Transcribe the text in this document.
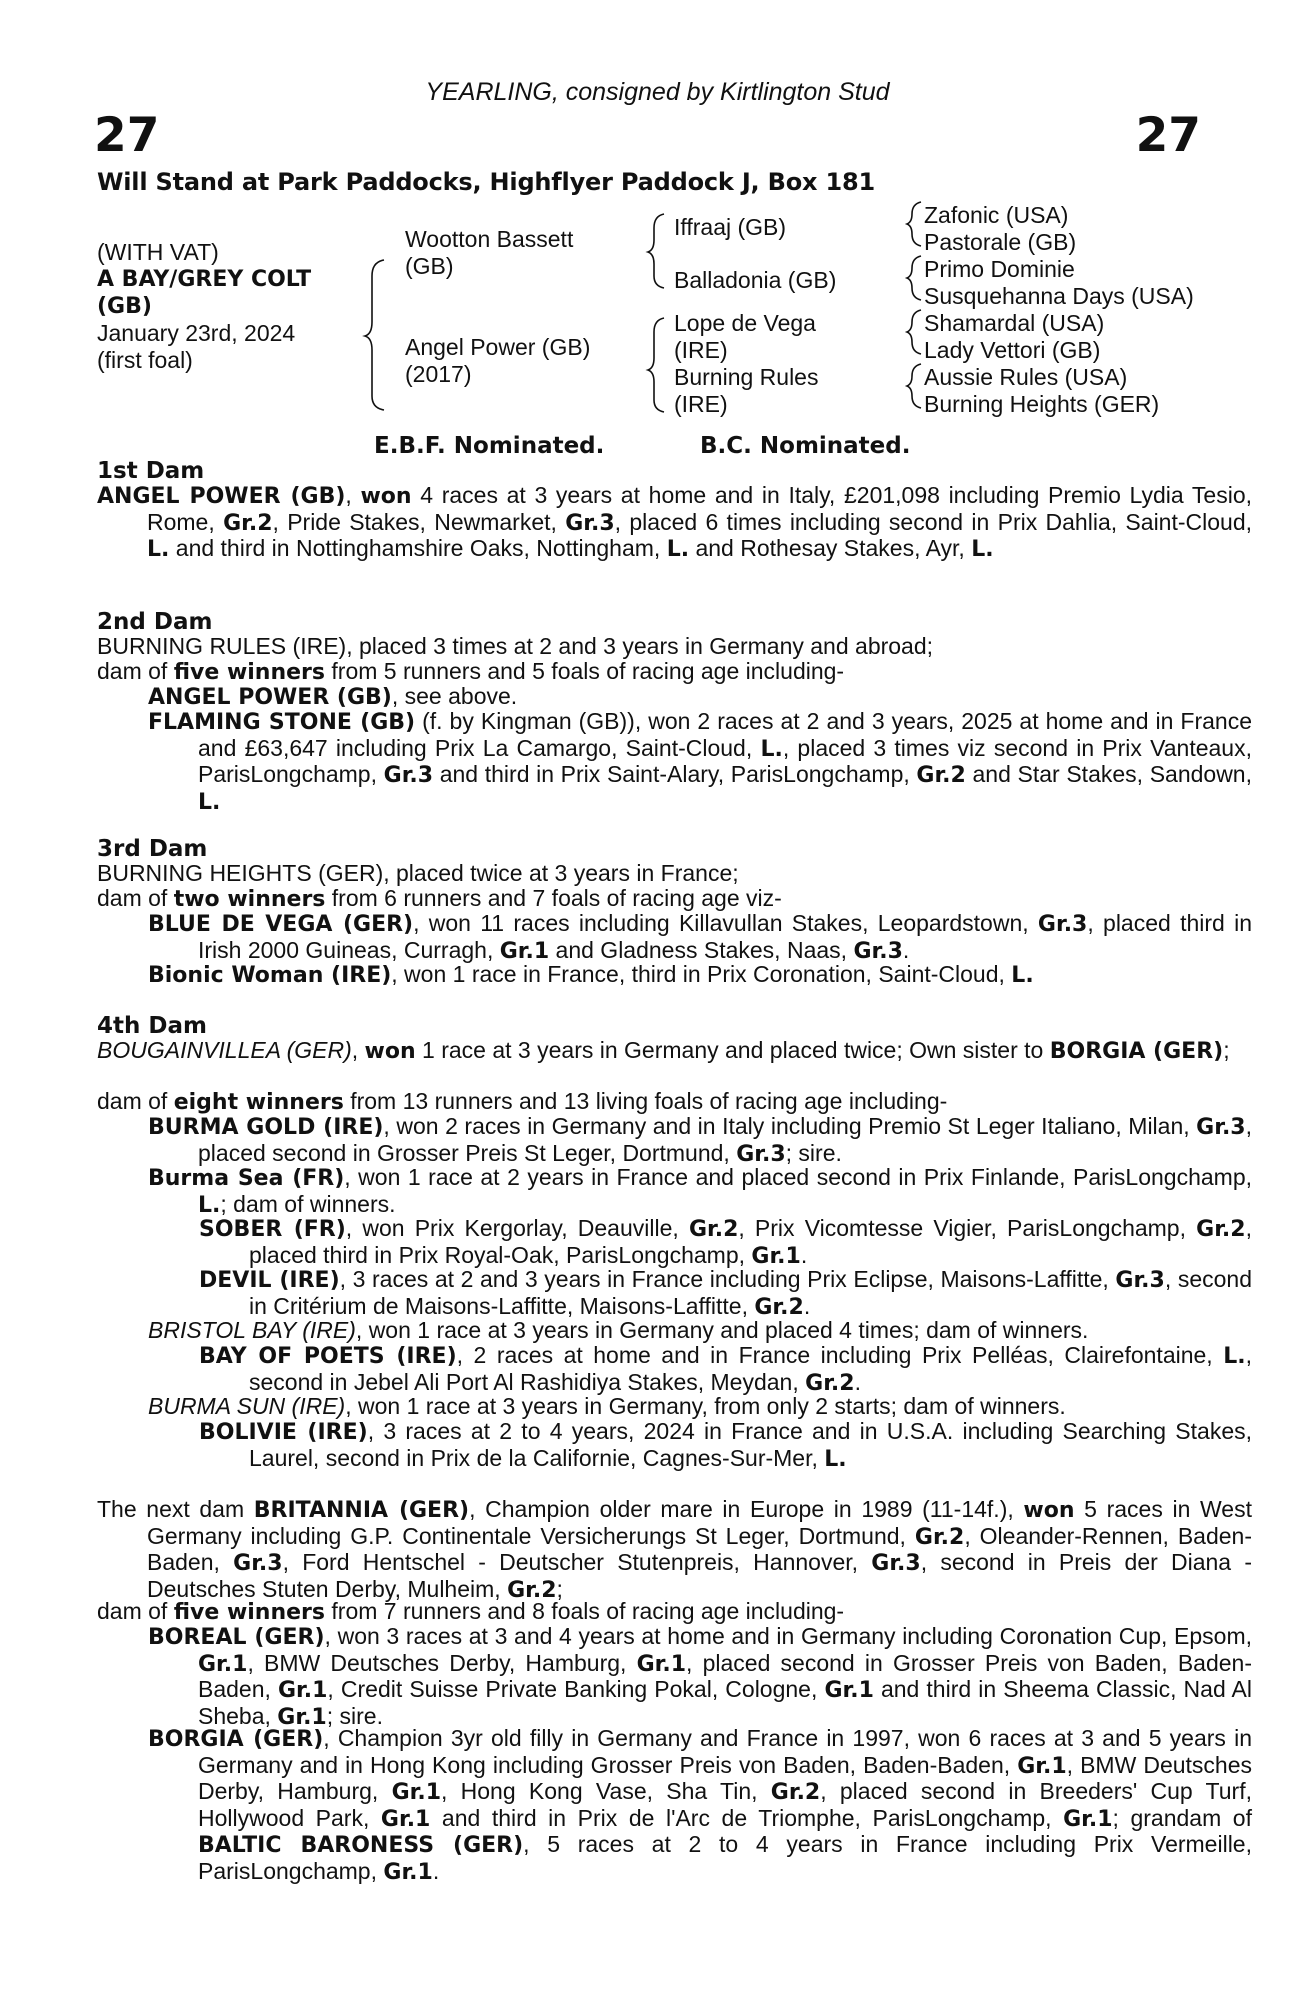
YEARLING, consigned by Kirtlington Stud
27	27
Will Stand at Park Paddocks, Highflyer Paddock J, Box 181
(WITH VAT)
A BAY/GREY COLT
(GB)
January 23rd, 2024
(first foal)
Wootton Bassett
(GB)
Angel Power (GB)
(2017)
Iffraaj (GB)
Balladonia (GB)
Lope de Vega
(IRE)
Burning Rules
(IRE)
Zafonic (USA)
Pastorale (GB)
Primo Dominie
Susquehanna Days (USA)
Shamardal (USA)
Lady Vettori (GB)
Aussie Rules (USA)
Burning Heights (GER)
E.B.F. Nominated.	B.C. Nominated.
1st Dam
ANGEL POWER (GB), won 4 races at 3 years at home and in Italy, £201,098 including Premio Lydia Tesio, Rome, Gr.2, Pride Stakes, Newmarket, Gr.3, placed 6 times including second in Prix Dahlia, Saint-Cloud, L. and third in Nottinghamshire Oaks, Nottingham, L. and Rothesay Stakes, Ayr, L.
2nd Dam
BURNING RULES (IRE), placed 3 times at 2 and 3 years in Germany and abroad;
dam of five winners from 5 runners and 5 foals of racing age including-
ANGEL POWER (GB), see above.
FLAMING STONE (GB) (f. by Kingman (GB)), won 2 races at 2 and 3 years, 2025 at home and in France and £63,647 including Prix La Camargo, Saint-Cloud, L., placed 3 times viz second in Prix Vanteaux, ParisLongchamp, Gr.3 and third in Prix Saint-Alary, ParisLongchamp, Gr.2 and Star Stakes, Sandown, L.
3rd Dam
BURNING HEIGHTS (GER), placed twice at 3 years in France;
dam of two winners from 6 runners and 7 foals of racing age viz-
BLUE DE VEGA (GER), won 11 races including Killavullan Stakes, Leopardstown, Gr.3, placed third in Irish 2000 Guineas, Curragh, Gr.1 and Gladness Stakes, Naas, Gr.3.
Bionic Woman (IRE), won 1 race in France, third in Prix Coronation, Saint-Cloud, L.
4th Dam
BOUGAINVILLEA (GER), won 1 race at 3 years in Germany and placed twice; Own sister to BORGIA (GER);
dam of eight winners from 13 runners and 13 living foals of racing age including-
BURMA GOLD (IRE), won 2 races in Germany and in Italy including Premio St Leger Italiano, Milan, Gr.3, placed second in Grosser Preis St Leger, Dortmund, Gr.3; sire.
Burma Sea (FR), won 1 race at 2 years in France and placed second in Prix Finlande, ParisLongchamp, L.; dam of winners.
SOBER (FR), won Prix Kergorlay, Deauville, Gr.2, Prix Vicomtesse Vigier, ParisLongchamp, Gr.2, placed third in Prix Royal-Oak, ParisLongchamp, Gr.1.
DEVIL (IRE), 3 races at 2 and 3 years in France including Prix Eclipse, Maisons-Laffitte, Gr.3, second in Critérium de Maisons-Laffitte, Maisons-Laffitte, Gr.2.
BRISTOL BAY (IRE), won 1 race at 3 years in Germany and placed 4 times; dam of winners.
BAY OF POETS (IRE), 2 races at home and in France including Prix Pelléas, Clairefontaine, L., second in Jebel Ali Port Al Rashidiya Stakes, Meydan, Gr.2.
BURMA SUN (IRE), won 1 race at 3 years in Germany, from only 2 starts; dam of winners.
BOLIVIE (IRE), 3 races at 2 to 4 years, 2024 in France and in U.S.A. including Searching Stakes, Laurel, second in Prix de la Californie, Cagnes-Sur-Mer, L.
The next dam BRITANNIA (GER), Champion older mare in Europe in 1989 (11-14f.), won 5 races in West Germany including G.P. Continentale Versicherungs St Leger, Dortmund, Gr.2, Oleander-Rennen, Baden-Baden, Gr.3, Ford Hentschel - Deutscher Stutenpreis, Hannover, Gr.3, second in Preis der Diana - Deutsches Stuten Derby, Mulheim, Gr.2;
dam of five winners from 7 runners and 8 foals of racing age including-
BOREAL (GER), won 3 races at 3 and 4 years at home and in Germany including Coronation Cup, Epsom, Gr.1, BMW Deutsches Derby, Hamburg, Gr.1, placed second in Grosser Preis von Baden, Baden-Baden, Gr.1, Credit Suisse Private Banking Pokal, Cologne, Gr.1 and third in Sheema Classic, Nad Al Sheba, Gr.1; sire.
BORGIA (GER), Champion 3yr old filly in Germany and France in 1997, won 6 races at 3 and 5 years in Germany and in Hong Kong including Grosser Preis von Baden, Baden-Baden, Gr.1, BMW Deutsches Derby, Hamburg, Gr.1, Hong Kong Vase, Sha Tin, Gr.2, placed second in Breeders' Cup Turf, Hollywood Park, Gr.1 and third in Prix de l'Arc de Triomphe, ParisLongchamp, Gr.1; grandam of BALTIC BARONESS (GER), 5 races at 2 to 4 years in France including Prix Vermeille, ParisLongchamp, Gr.1.
